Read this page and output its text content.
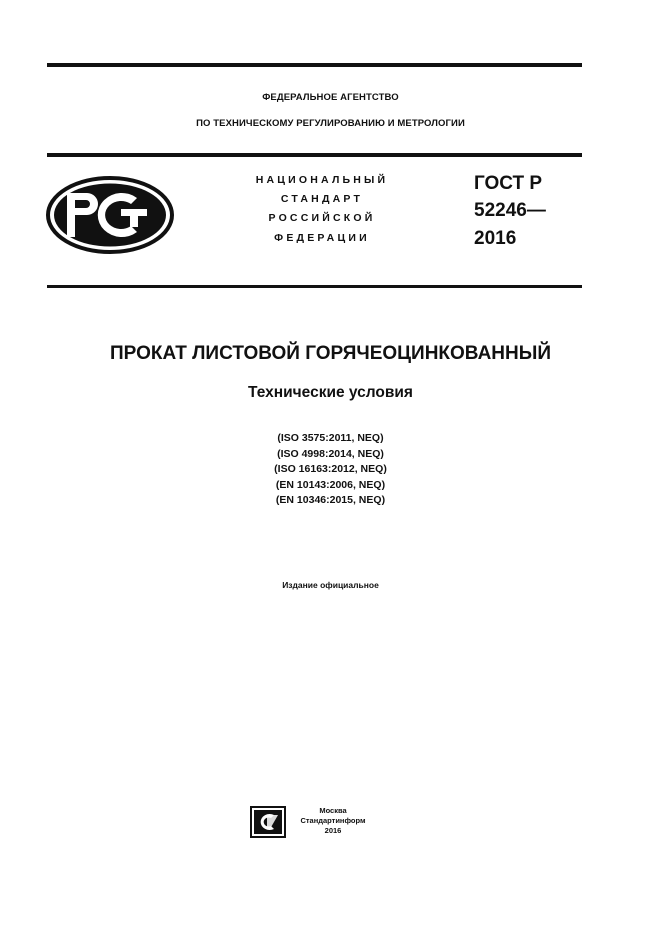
ФЕДЕРАЛЬНОЕ АГЕНТСТВО
ПО ТЕХНИЧЕСКОМУ РЕГУЛИРОВАНИЮ И МЕТРОЛОГИИ
НАЦИОНАЛЬНЫЙ
СТАНДАРТ
РОССИЙСКОЙ
ФЕДЕРАЦИИ
ГОСТ Р
52246—
2016
ПРОКАТ ЛИСТОВОЙ ГОРЯЧЕОЦИНКОВАННЫЙ
Технические условия
(ISO 3575:2011, NEQ)
(ISO 4998:2014, NEQ)
(ISO 16163:2012, NEQ)
(EN 10143:2006, NEQ)
(EN 10346:2015, NEQ)
Издание официальное
Москва
Стандартинформ
2016
